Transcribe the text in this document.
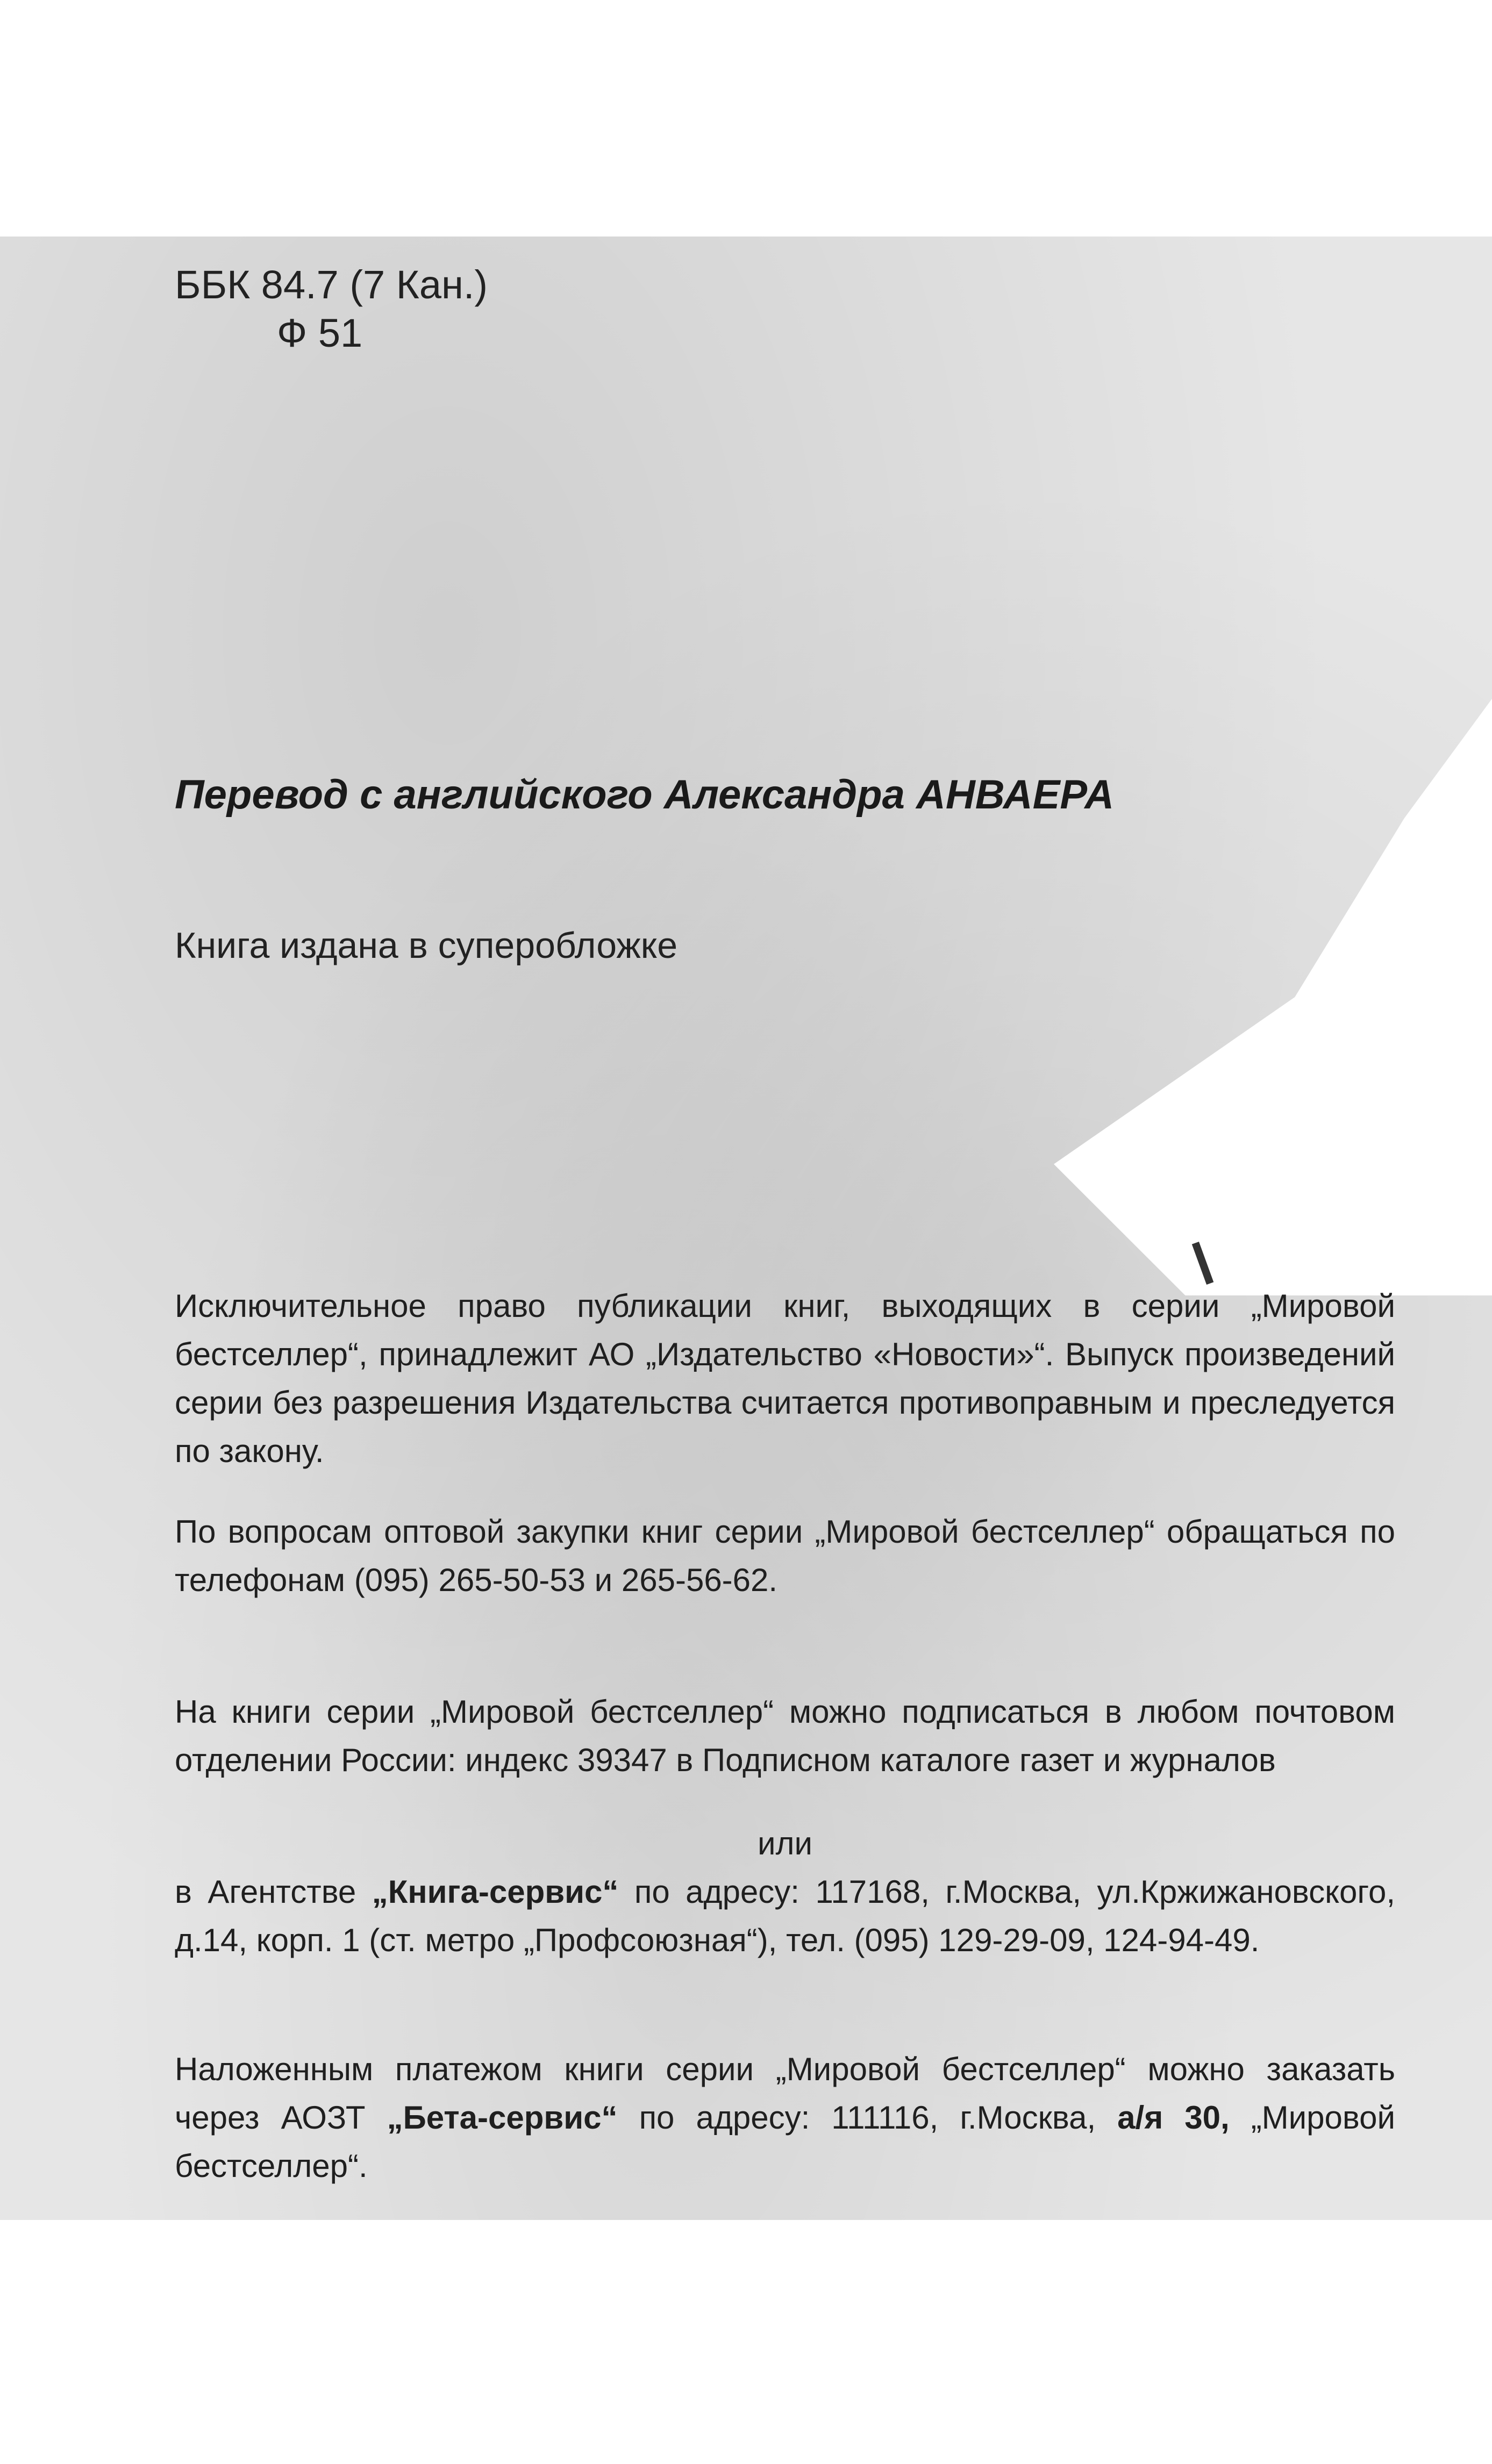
ББК 84.7 (7 Кан.)
Ф 51
Перевод с английского Александра АНВАЕРА
Книга издана в суперобложке
Исключительное право публикации книг, выходящих в серии „Мировой бестселлер“, принадлежит АО „Издательство «Новости»“. Выпуск произведений серии без разрешения Издательства считается противоправным и преследуется по закону.
По вопросам оптовой закупки книг серии „Мировой бестселлер“ обращаться по телефонам (095) 265-50-53 и 265-56-62.
На книги серии „Мировой бестселлер“ можно подписаться в любом почтовом отделении России: индекс 39347 в Подписном каталоге газет и журналов
или
в Агентстве „Книга-сервис“ по адресу: 117168, г.Москва, ул.Кржижановского, д.14, корп. 1 (ст. метро „Профсоюзная“), тел. (095) 129-29-09, 124-94-49.
Наложенным платежом книги серии „Мировой бестселлер“ можно заказать через АОЗТ „Бета-сервис“ по адресу: 111116, г.Москва, а/я 30, „Мировой бестселлер“.
